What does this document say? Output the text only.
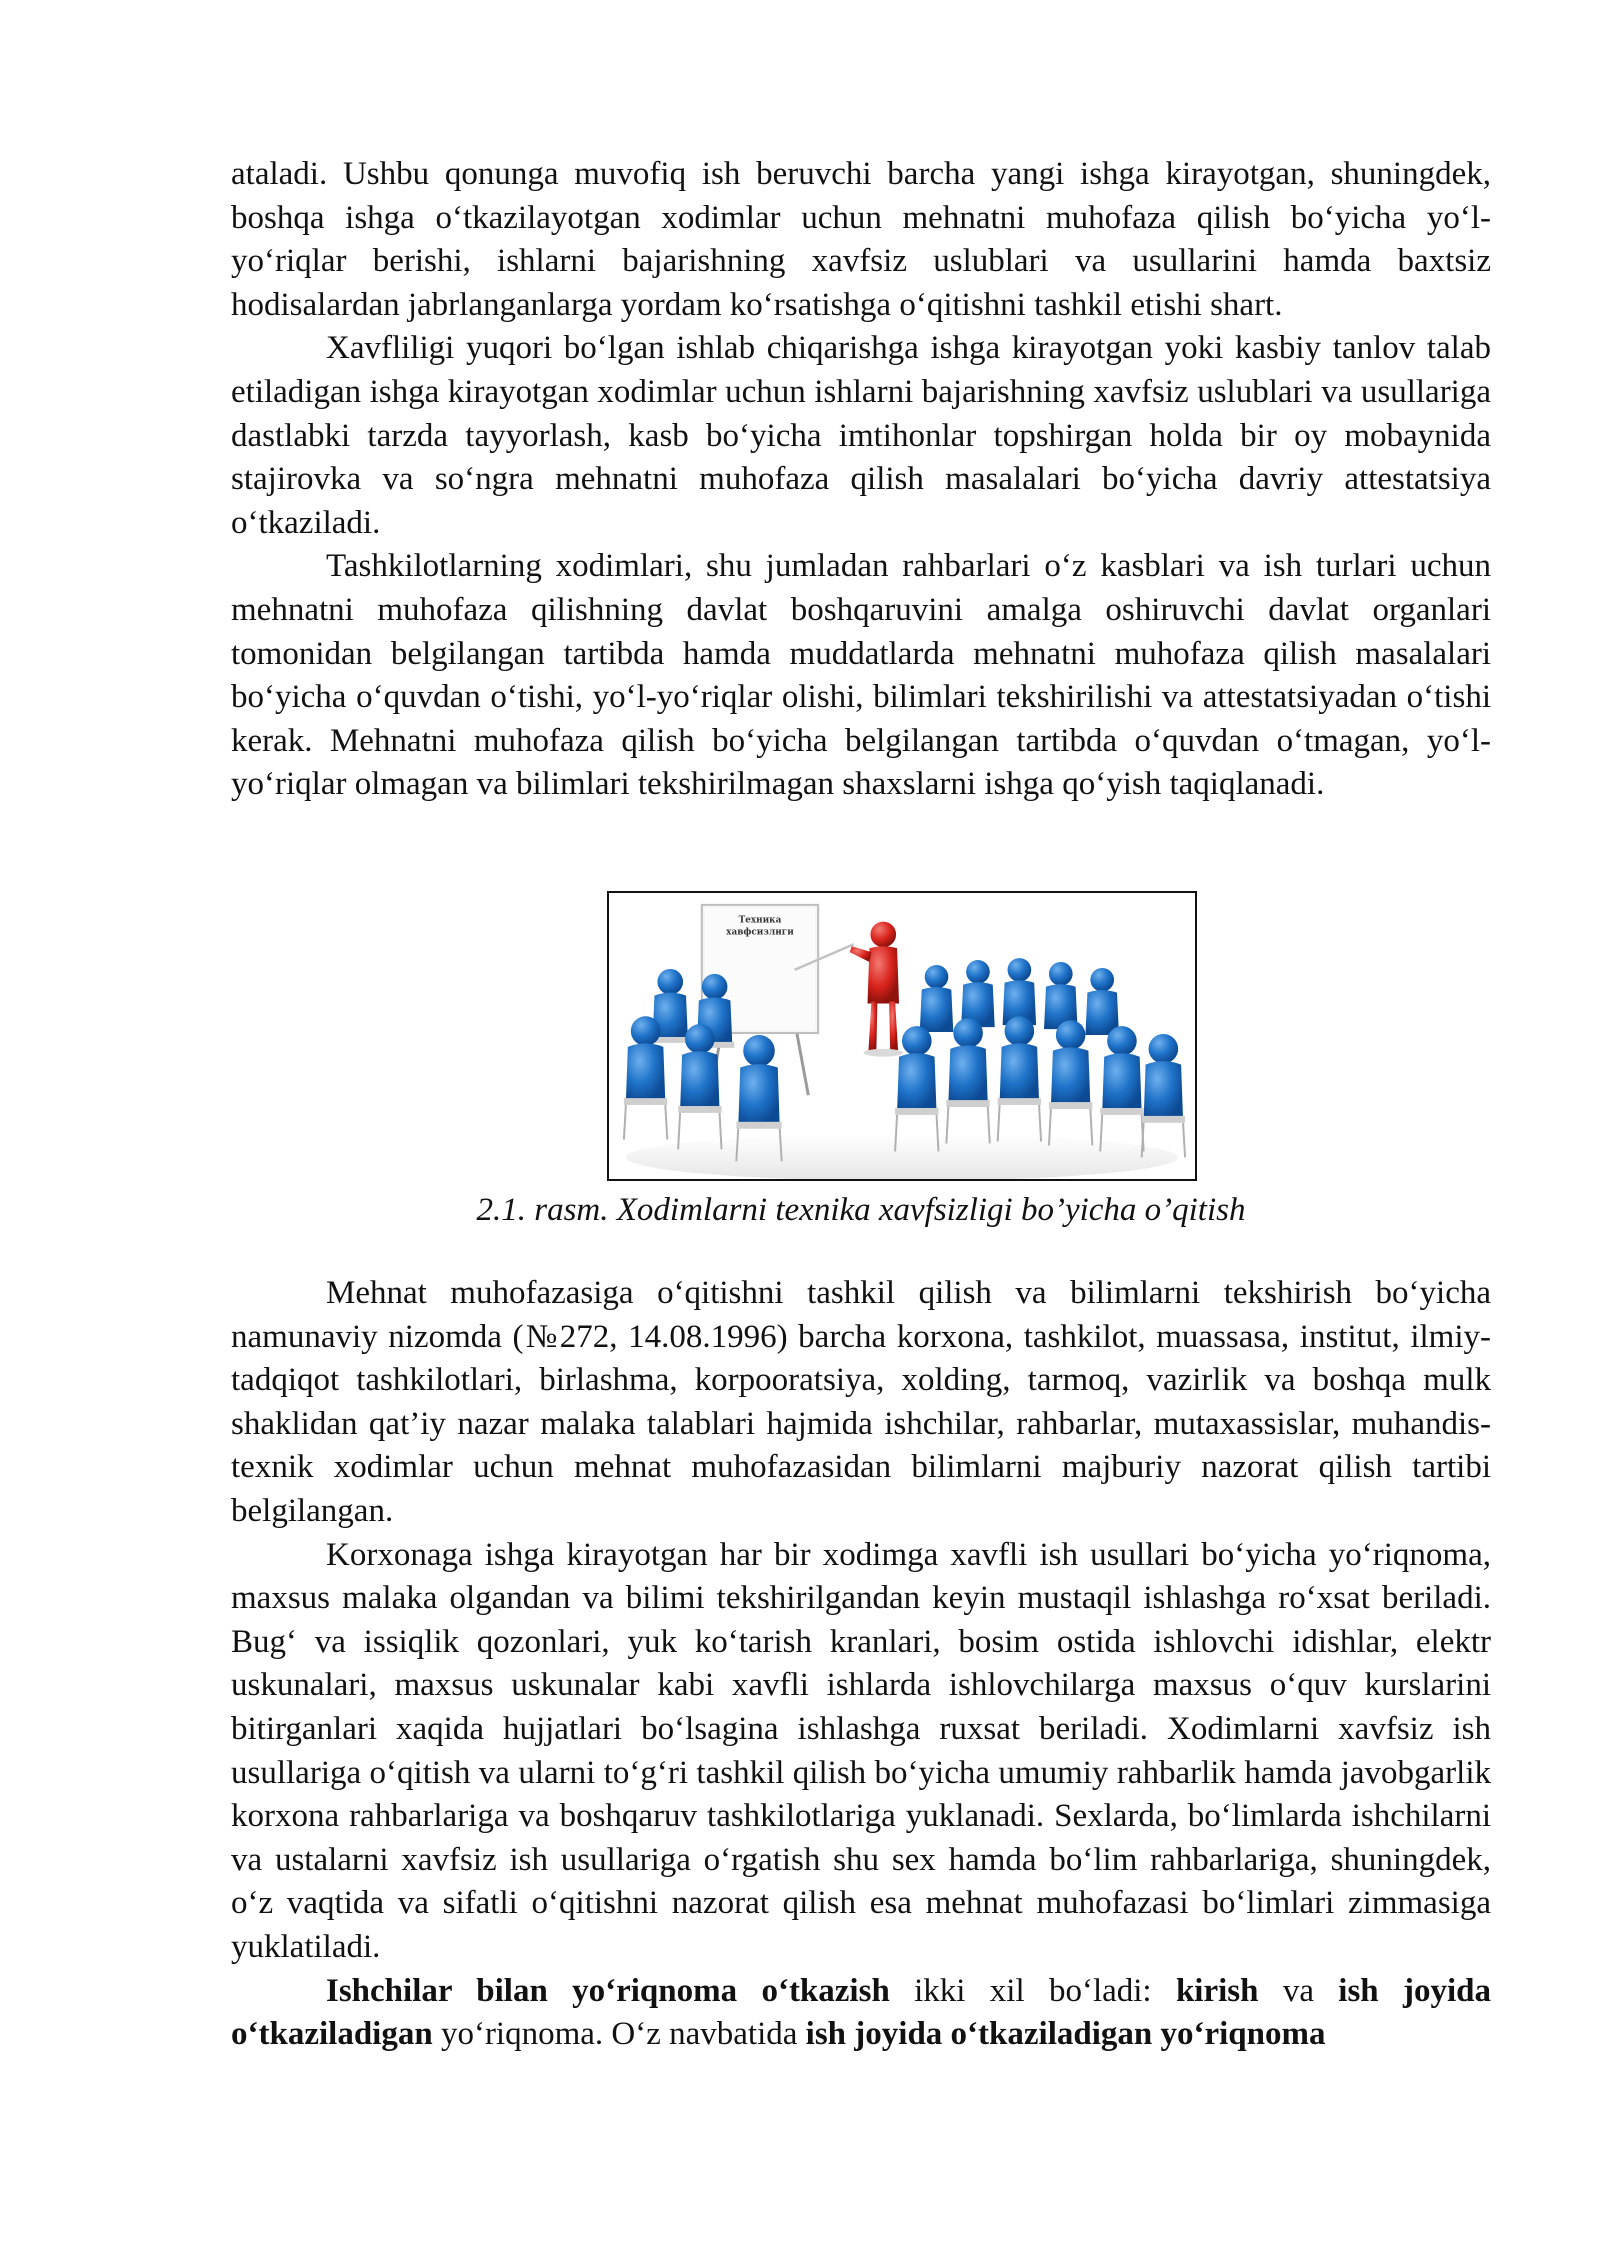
ataladi. Ushbu qonunga muvofiq ish beruvchi barcha yangi ishga kirayotgan, shuningdek, boshqa ishga o‘tkazilayotgan xodimlar uchun mehnatni muhofaza qilish bo‘yicha yo‘l-yo‘riqlar berishi, ishlarni bajarishning xavfsiz uslublari va usullarini hamda baxtsiz hodisalardan jabrlanganlarga yordam ko‘rsatishga o‘qitishni tashkil etishi shart.

Xavfliligi yuqori bo‘lgan ishlab chiqarishga ishga kirayotgan yoki kasbiy tanlov talab etiladigan ishga kirayotgan xodimlar uchun ishlarni bajarishning xavfsiz uslublari va usullariga dastlabki tarzda tayyorlash, kasb bo‘yicha imtihonlar topshirgan holda bir oy mobaynida stajirovka va so‘ngra mehnatni muhofaza qilish masalalari bo‘yicha davriy attestatsiya o‘tkaziladi.

Tashkilotlarning xodimlari, shu jumladan rahbarlari o‘z kasblari va ish turlari uchun mehnatni muhofaza qilishning davlat boshqaruvini amalga oshiruvchi davlat organlari tomonidan belgilangan tartibda hamda muddatlarda mehnatni muhofaza qilish masalalari bo‘yicha o‘quvdan o‘tishi, yo‘l-yo‘riqlar olishi, bilimlari tekshirilishi va attestatsiyadan o‘tishi kerak. Mehnatni muhofaza qilish bo‘yicha belgilangan tartibda o‘quvdan o‘tmagan, yo‘l-yo‘riqlar olmagan va bilimlari tekshirilmagan shaxslarni ishga qo‘yish taqiqlanadi.

Техника
хавфсизлиги
2.1. rasm. Xodimlarni texnika xavfsizligi bo’yicha o’qitish

Mehnat muhofazasiga o‘qitishni tashkil qilish va bilimlarni tekshirish bo‘yicha namunaviy nizomda (№272, 14.08.1996) barcha korxona, tashkilot, muassasa, institut, ilmiy-tadqiqot tashkilotlari, birlashma, korpooratsiya, xolding, tarmoq, vazirlik va boshqa mulk shaklidan qat’iy nazar malaka talablari hajmida ishchilar, rahbarlar, mutaxassislar, muhandis-texnik xodimlar uchun mehnat muhofazasidan bilimlarni majburiy nazorat qilish tartibi belgilangan.

Korxonaga ishga kirayotgan har bir xodimga xavfli ish usullari bo‘yicha yo‘riqnoma, maxsus malaka olgandan va bilimi tekshirilgandan keyin mustaqil ishlashga ro‘xsat beriladi. Bug‘ va issiqlik qozonlari, yuk ko‘tarish kranlari, bosim ostida ishlovchi idishlar, elektr uskunalari, maxsus uskunalar kabi xavfli ishlarda ishlovchilarga maxsus o‘quv kurslarini bitirganlari xaqida hujjatlari bo‘lsagina ishlashga ruxsat beriladi. Xodimlarni xavfsiz ish usullariga o‘qitish va ularni to‘g‘ri tashkil qilish bo‘yicha umumiy rahbarlik hamda javobgarlik korxona rahbarlariga va boshqaruv tashkilotlariga yuklanadi. Sexlarda, bo‘limlarda ishchilarni va ustalarni xavfsiz ish usullariga o‘rgatish shu sex hamda bo‘lim rahbarlariga, shuningdek, o‘z vaqtida va sifatli o‘qitishni nazorat qilish esa mehnat muhofazasi bo‘limlari zimmasiga yuklatiladi.

Ishchilar bilan yo‘riqnoma o‘tkazish ikki xil bo‘ladi: kirish va ish joyida o‘tkaziladigan yo‘riqnoma. O‘z navbatida ish joyida o‘tkaziladigan yo‘riqnoma
